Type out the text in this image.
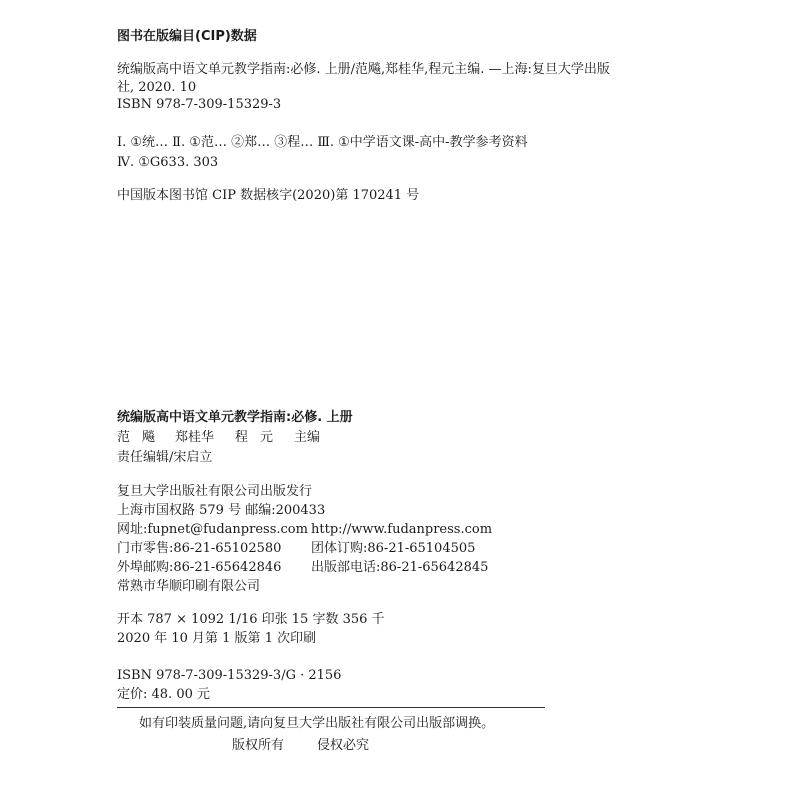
图书在版编目(CIP)数据
统编版高中语文单元教学指南:必修. 上册/范飚,郑桂华,程元主编. —上海:复旦大学出版
社, 2020. 10
ISBN 978-7-309-15329-3
Ⅰ. ①统… Ⅱ. ①范… ②郑… ③程… Ⅲ. ①中学语文课-高中-教学参考资料
Ⅳ. ①G633. 303
中国版本图书馆 CIP 数据核字(2020)第 170241 号
统编版高中语文单元教学指南:必修. 上册
范 飚 郑桂华 程 元 主编
责任编辑/宋启立
复旦大学出版社有限公司出版发行
上海市国权路 579 号 邮编:200433
网址:fupnet@fudanpress.com http://www.fudanpress.com
门市零售:86-21-65102580 团体订购:86-21-65104505
外埠邮购:86-21-65642846 出版部电话:86-21-65642845
常熟市华顺印刷有限公司
开本 787 × 1092 1/16 印张 15 字数 356 千
2020 年 10 月第 1 版第 1 次印刷
ISBN 978-7-309-15329-3/G · 2156
定价: 48. 00 元
如有印装质量问题,请向复旦大学出版社有限公司出版部调换。
版权所有	侵权必究
